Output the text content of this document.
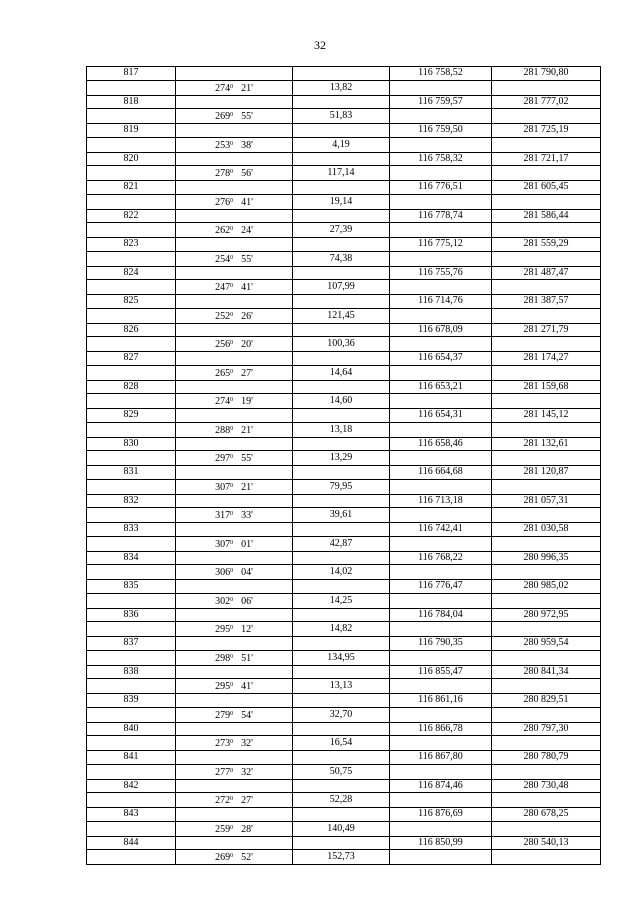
32
817			116 758,52	281 790,80
	$274^0$ 21'	13,82		
818			116 759,57	281 777,02
	$269^0$ 55'	51,83		
819			116 759,50	281 725,19
	$253^0$ 38'	4,19		
820			116 758,32	281 721,17
	$278^0$ 56'	117,14		
821			116 776,51	281 605,45
	$276^0$ 41'	19,14		
822			116 778,74	281 586,44
	$262^0$ 24'	27,39		
823			116 775,12	281 559,29
	$254^0$ 55'	74,38		
824			116 755,76	281 487,47
	$247^0$ 41'	107,99		
825			116 714,76	281 387,57
	$252^0$ 26'	121,45		
826			116 678,09	281 271,79
	$256^0$ 20'	100,36		
827			116 654,37	281 174,27
	$265^0$ 27'	14,64		
828			116 653,21	281 159,68
	$274^0$ 19'	14,60		
829			116 654,31	281 145,12
	$288^0$ 21'	13,18		
830			116 658,46	281 132,61
	$297^0$ 55'	13,29		
831			116 664,68	281 120,87
	$307^0$ 21'	79,95		
832			116 713,18	281 057,31
	$317^0$ 33'	39,61		
833			116 742,41	281 030,58
	$307^0$ 01'	42,87		
834			116 768,22	280 996,35
	$306^0$ 04'	14,02		
835			116 776,47	280 985,02
	$302^0$ 06'	14,25		
836			116 784,04	280 972,95
	$295^0$ 12'	14,82		
837			116 790,35	280 959,54
	$298^0$ 51'	134,95		
838			116 855,47	280 841,34
	$295^0$ 41'	13,13		
839			116 861,16	280 829,51
	$279^0$ 54'	32,70		
840			116 866,78	280 797,30
	$273^0$ 32'	16,54		
841			116 867,80	280 780,79
	$277^0$ 32'	50,75		
842			116 874,46	280 730,48
	$272^0$ 27'	52,28		
843			116 876,69	280 678,25
	$259^0$ 28'	140,49		
844			116 850,99	280 540,13
	$269^0$ 52'	152,73		
